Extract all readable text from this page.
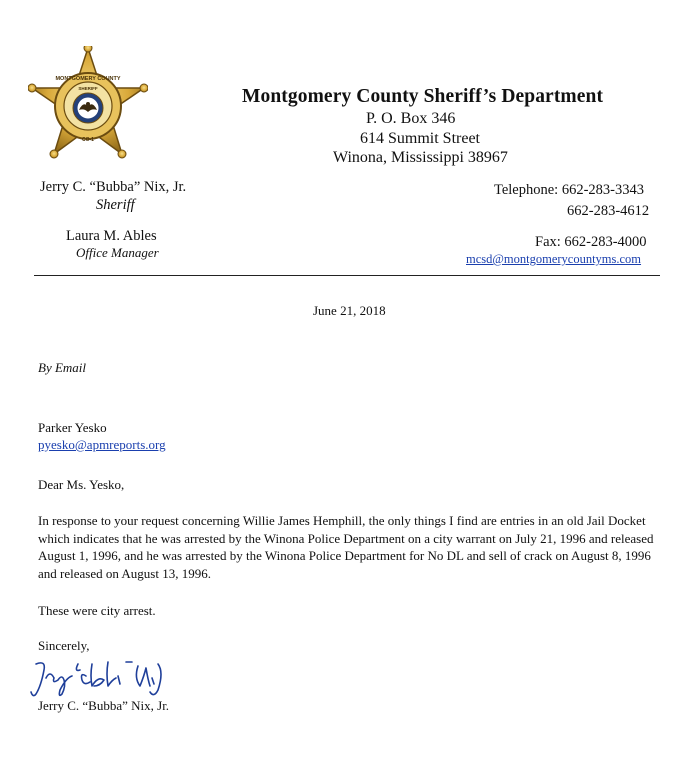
MONTGOMERY COUNTY
SHERIFF
CO-1
Montgomery County Sheriff’s Department
P. O. Box 346
614 Summit Street
Winona, Mississippi 38967
Jerry C. “Bubba” Nix, Jr.
Sheriff
Laura M. Ables
Office Manager
Telephone: 662-283-3343
662-283-4612
Fax: 662-283-4000
mcsd@montgomerycountyms.com
June 21, 2018
By Email
Parker Yesko
pyesko@apmreports.org
Dear Ms. Yesko,
In response to your request concerning Willie James Hemphill, the only things I find are entries in an old Jail Docket which indicates that he was arrested by the Winona Police Department on a city warrant on July 21, 1996 and released August 1, 1996, and he was arrested by the Winona Police Department for No DL and sell of crack on August 8, 1996 and released on August 13, 1996.
These were city arrest.
Sincerely,
Jerry C. “Bubba” Nix, Jr.
